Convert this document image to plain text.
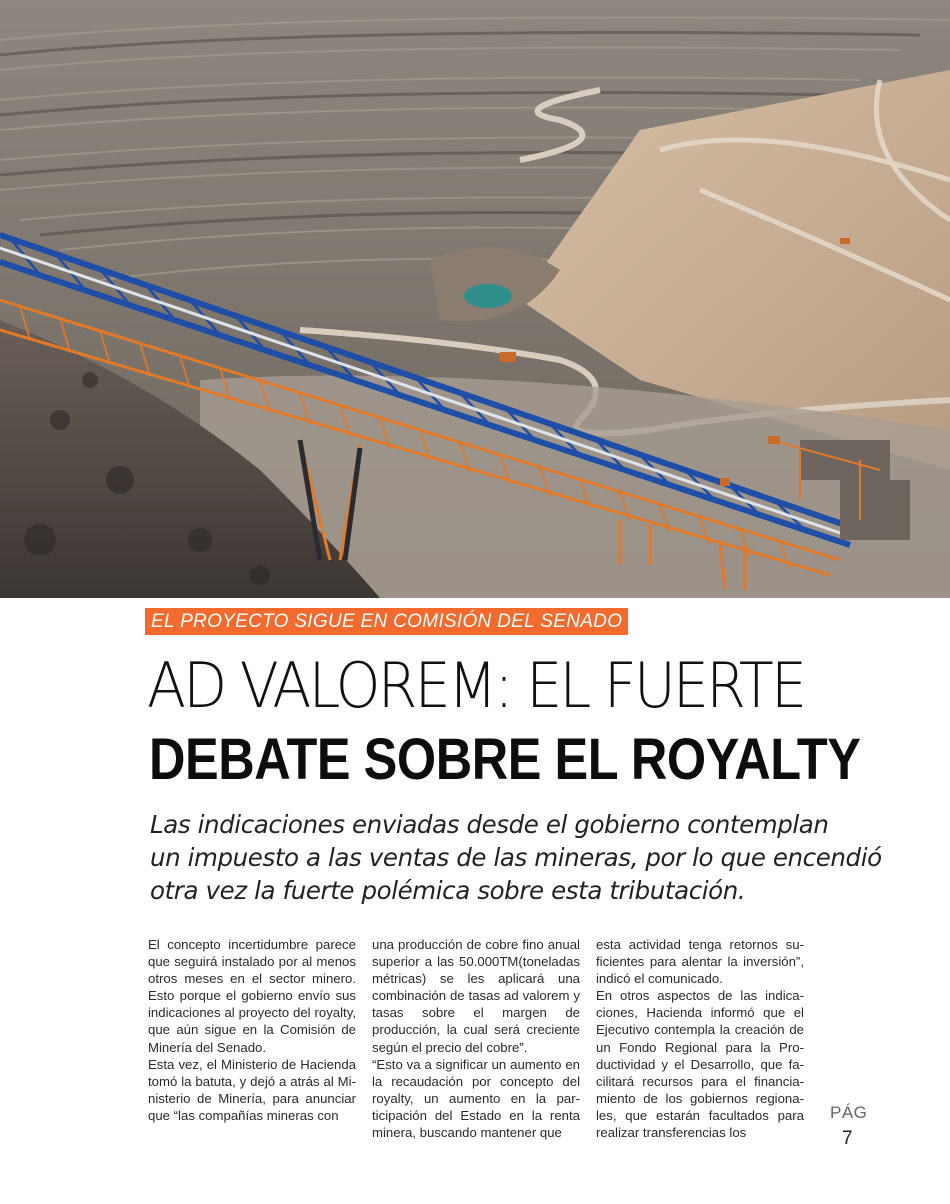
EL PROYECTO SIGUE EN COMISIÓN DEL SENADO
AD VALOREM: EL FUERTE
DEBATE SOBRE EL ROYALTY
Las indicaciones enviadas desde el gobierno contemplan
un impuesto a las ventas de las mineras, por lo que encendió
otra vez la fuerte polémica sobre esta tributación.

El concepto incertidumbre parece que seguirá instalado por al menos otros meses en el sector minero. Esto porque el gobierno envío sus indicaciones al proyecto del royalty, que aún sigue en la Comisión de Minería del Senado.

Esta vez, el Ministerio de Hacienda tomó la batuta, y dejó a atrás al Ministerio de Minería, para anunciar que “las compañías mineras con

una producción de cobre fino anual superior a las 50.000TM(toneladas métricas) se les aplicará una combinación de tasas ad valorem y tasas sobre el margen de producción, la cual será creciente según el precio del cobre”.

“Esto va a significar un aumento en la recaudación por concepto del royalty, un aumento en la participación del Estado en la renta minera, buscando mantener que

esta actividad tenga retornos suficientes para alentar la inversión”, indicó el comunicado.

En otros aspectos de las indicaciones, Hacienda informó que el Ejecutivo contempla la creación de un Fondo Regional para la Productividad y el Desarrollo, que facilitará recursos para el financiamiento de los gobiernos regionales, que estarán facultados para realizar transferencias los

PÁG
7
